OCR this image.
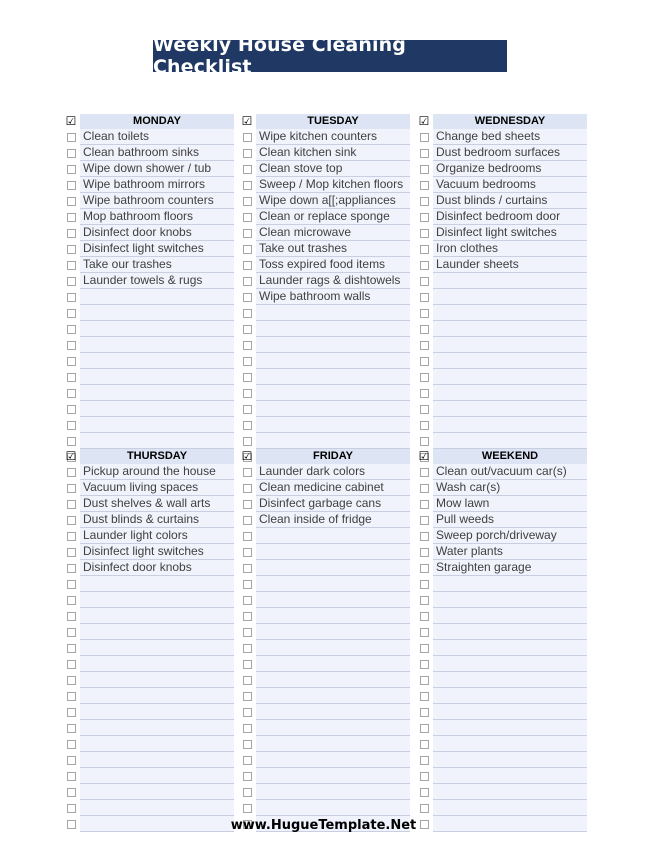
Weekly House Cleaning Checklist
☑	MONDAY
Clean toilets
Clean bathroom sinks
Wipe down shower / tub
Wipe bathroom mirrors
Wipe bathroom counters
Mop bathroom floors
Disinfect door knobs
Disinfect light switches
Take our trashes
Launder towels & rugs
☑	TUESDAY
Wipe kitchen counters
Clean kitchen sink
Clean stove top
Sweep / Mop kitchen floors
Wipe down a[[;appliances
Clean or replace sponge
Clean microwave
Take out trashes
Toss expired food items
Launder rags & dishtowels
Wipe bathroom walls
☑	WEDNESDAY
Change bed sheets
Dust bedroom surfaces
Organize bedrooms
Vacuum bedrooms
Dust blinds / curtains
Disinfect bedroom door
Disinfect light switches
Iron clothes
Launder sheets
☑	THURSDAY
Pickup around the house
Vacuum living spaces
Dust shelves & wall arts
Dust blinds & curtains
Launder light colors
Disinfect light switches
Disinfect door knobs
☑	FRIDAY
Launder dark colors
Clean medicine cabinet
Disinfect garbage cans
Clean inside of fridge
☑	WEEKEND
Clean out/vacuum car(s)
Wash car(s)
Mow lawn
Pull weeds
Sweep porch/driveway
Water plants
Straighten garage
www.HugueTemplate.Net
